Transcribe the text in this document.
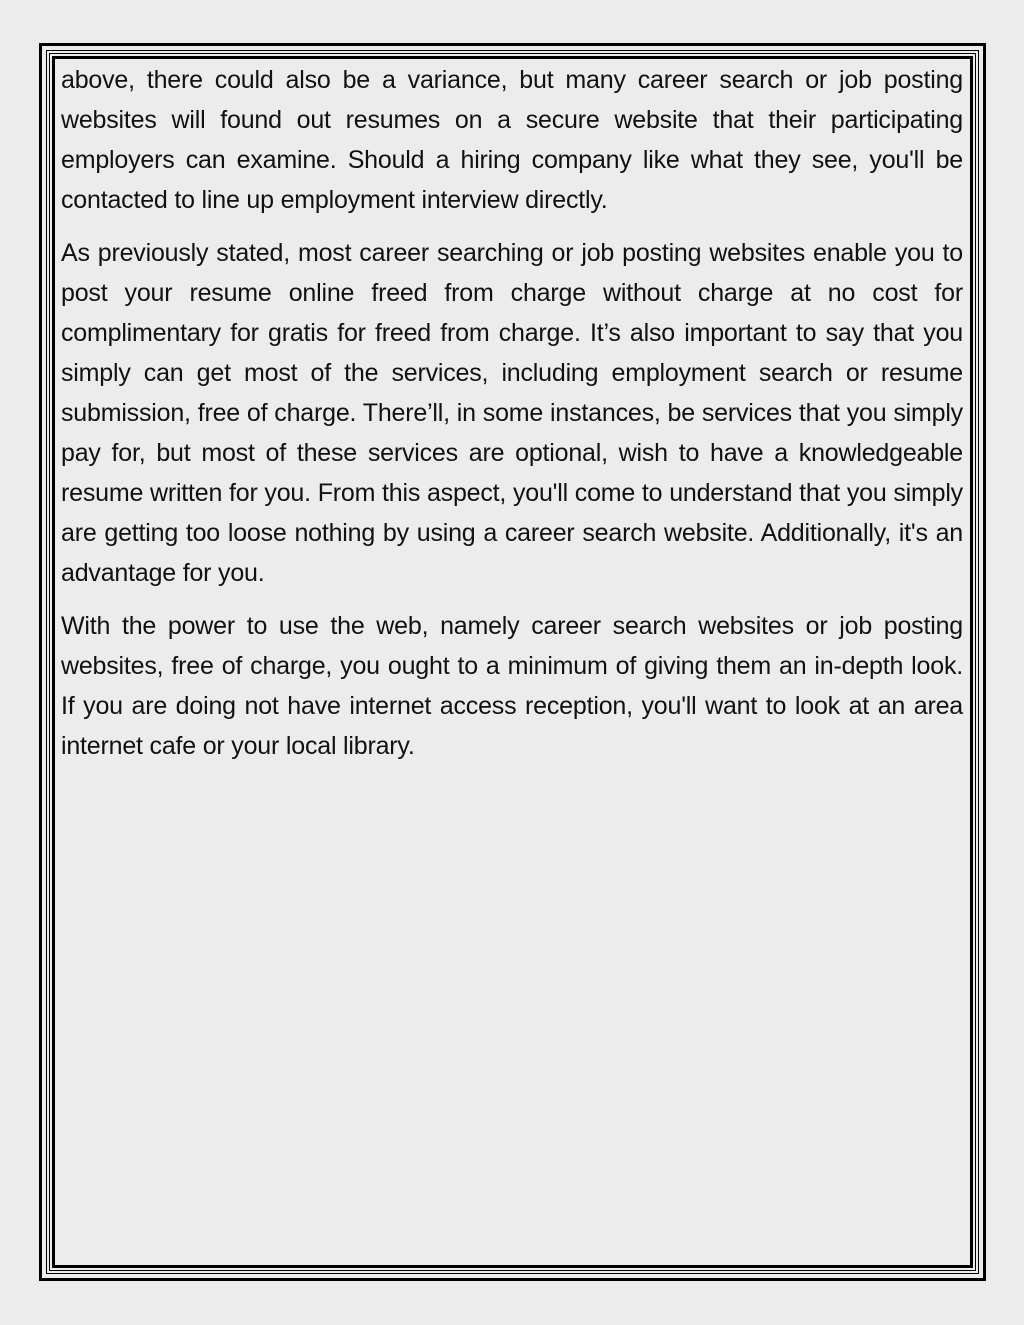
above, there could also be a variance, but many career search or job posting websites will found out resumes on a secure website that their participating employers can examine. Should a hiring company like what they see, you'll be contacted to line up employment interview directly.

As previously stated, most career searching or job posting websites enable you to post your resume online freed from charge without charge at no cost for complimentary for gratis for freed from charge. It’s also important to say that you simply can get most of the services, including employment search or resume submission, free of charge. There’ll, in some instances, be services that you simply pay for, but most of these services are optional, wish to have a knowledgeable resume written for you. From this aspect, you'll come to understand that you simply are getting too loose nothing by using a career search website. Additionally, it's an advantage for you.

With the power to use the web, namely career search websites or job posting websites, free of charge, you ought to a minimum of giving them an in-depth look. If you are doing not have internet access reception, you'll want to look at an area internet cafe or your local library.
